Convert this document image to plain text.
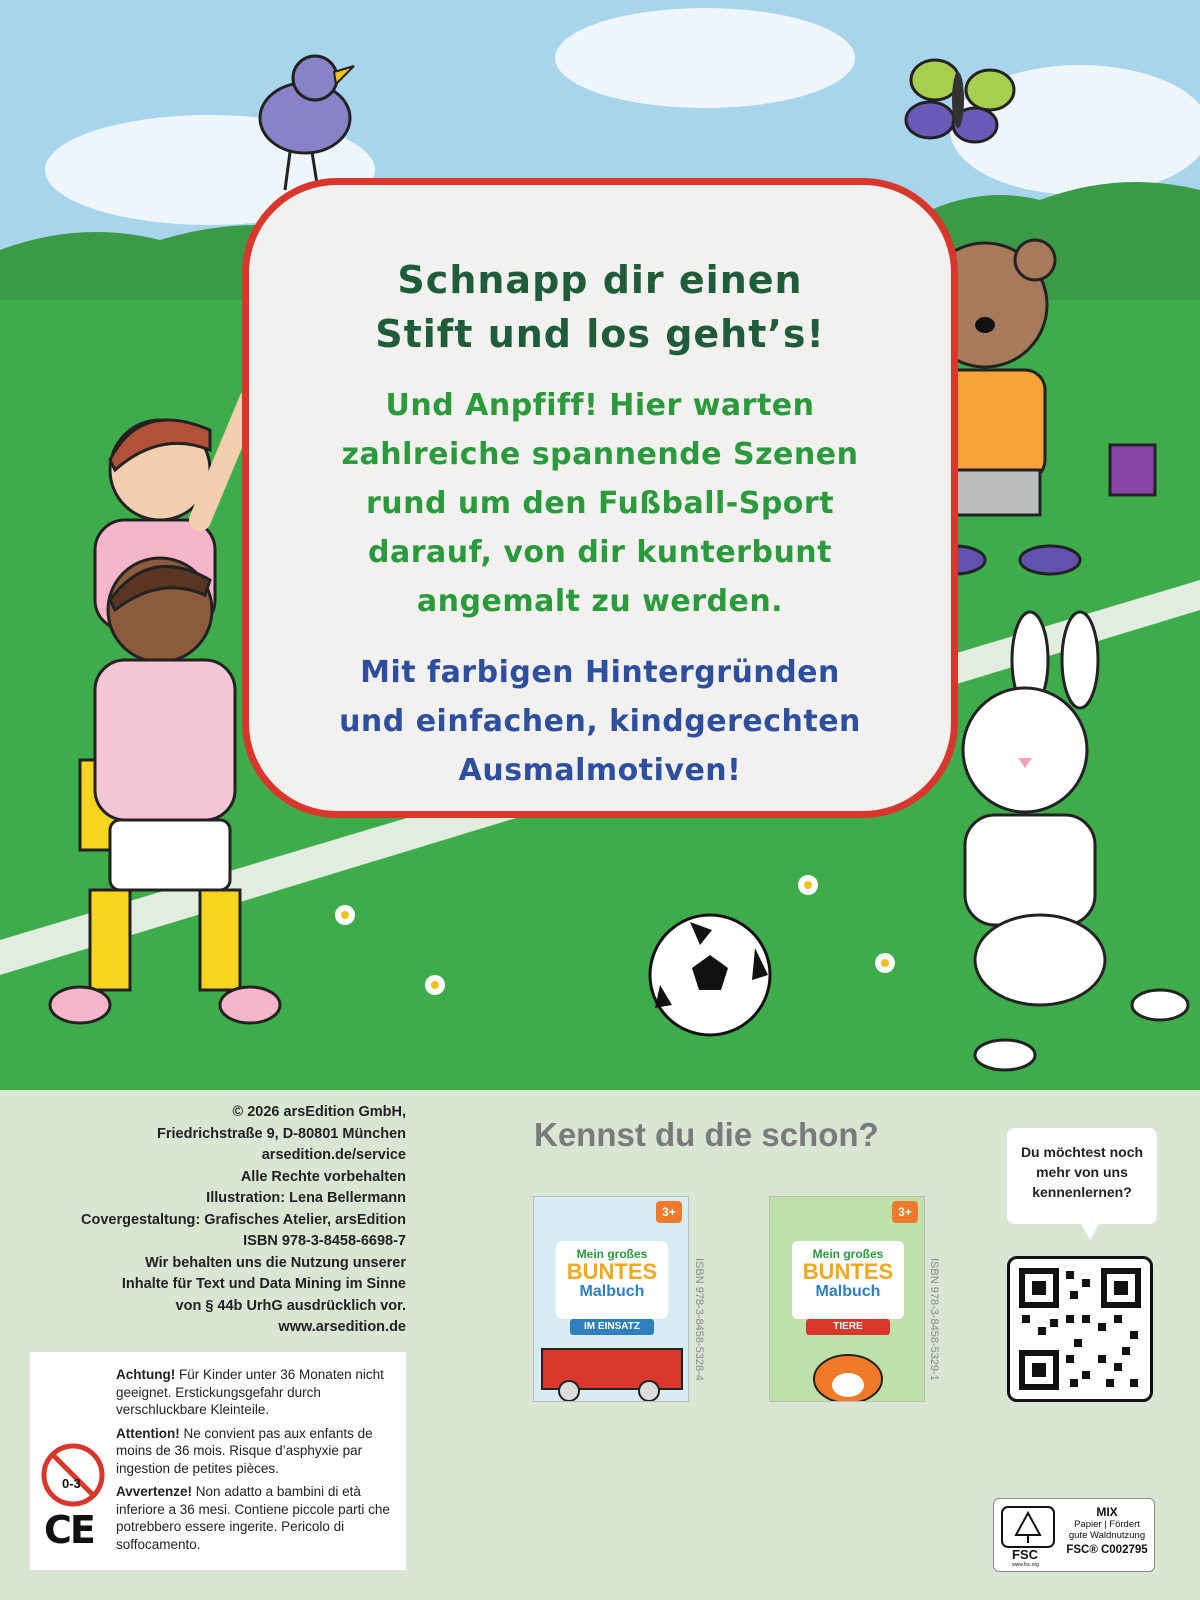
Schnapp dir einen
Stift und los geht’s!
Und Anpfiff! Hier warten
zahlreiche spannende Szenen
rund um den Fußball-Sport
darauf, von dir kunterbunt
angemalt zu werden.
Mit farbigen Hintergründen
und einfachen, kindgerechten
Ausmalmotiven!
© 2026 arsEdition GmbH,
Friedrichstraße 9, D-80801 München
arsedition.de/service
Alle Rechte vorbehalten
Illustration: Lena Bellermann
Covergestaltung: Grafisches Atelier, arsEdition
ISBN 978-3-8458-6698-7
Wir behalten uns die Nutzung unserer
Inhalte für Text und Data Mining im Sinne
von § 44b UrhG ausdrücklich vor.
www.arsedition.de
Achtung! Für Kinder unter 36 Monaten nicht geeignet. Erstickungsgefahr durch verschluckbare Kleinteile.
Attention! Ne convient pas aux enfants de moins de 36 mois. Risque d’asphyxie par ingestion de petites pièces.
Avvertenze! Non adatto a bambini di età inferiore a 36 mesi. Contiene piccole parti che potrebbero essere ingerite. Pericolo di soffocamento.
0-3
CE
Kennst du die schon?
3+
Mein großes
BUNTES
Malbuch
IM EINSATZ	ISBN 978-3-8458-5328-4
3+
Mein großes
BUNTES
Malbuch
TIERE	ISBN 978-3-8458-5329-1
Du möchtest noch
mehr von uns
kennenlernen?
FSC
www.fsc.org
MIX
Papier | Fördert
gute Waldnutzung
FSC® C002795
